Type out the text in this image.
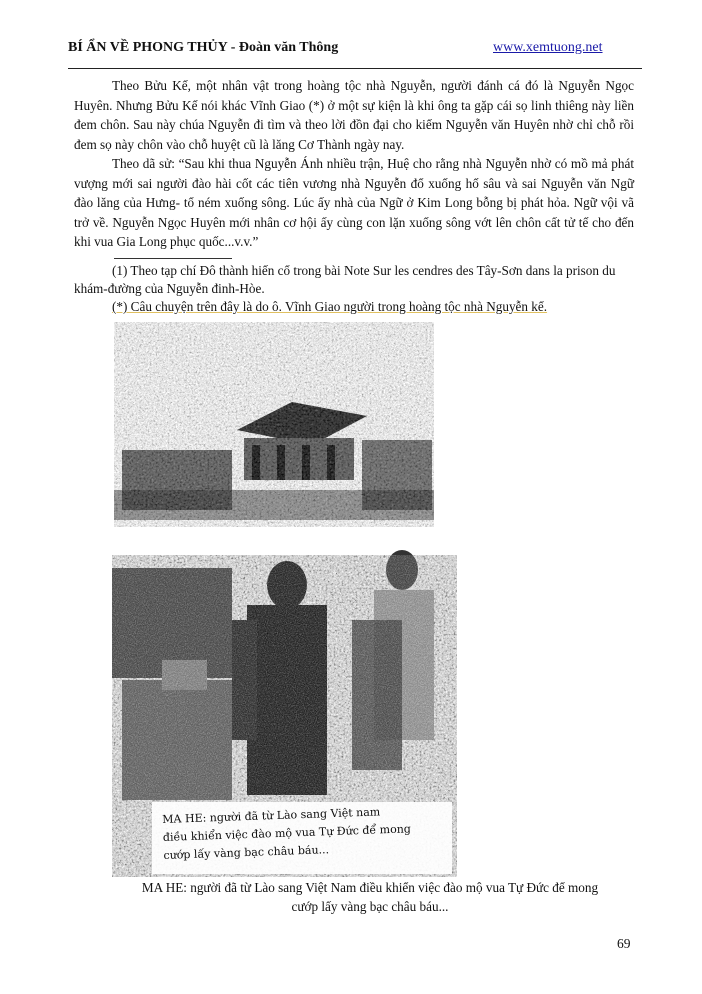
BÍ ẨN VỀ PHONG THỦY - Đoàn văn Thông	www.xemtuong.net

Theo Bửu Kế, một nhân vật trong hoàng tộc nhà Nguyễn, người đánh cá đó là Nguyễn Ngọc Huyên. Nhưng Bửu Kế nói khác Vĩnh Giao (*) ở một sự kiện là khi ông ta gặp cái sọ linh thiêng này liền đem chôn. Sau này chúa Nguyễn đi tìm và theo lời đồn đại cho kiếm Nguyễn văn Huyên nhờ chỉ chỗ rồi đem sọ này chôn vào chỗ huyệt cũ là lăng Cơ Thành ngày nay.

Theo dã sử: “Sau khi thua Nguyễn Ánh nhiều trận, Huệ cho rằng nhà Nguyễn nhờ có mồ mả phát vượng mới sai người đào hài cốt các tiên vương nhà Nguyễn đổ xuống hố sâu và sai Nguyễn văn Ngữ đào lăng của Hưng- tổ ném xuống sông. Lúc ấy nhà của Ngữ ở Kim Long bỗng bị phát hỏa. Ngữ vội vã trở về. Nguyễn Ngọc Huyên mới nhân cơ hội ấy cùng con lặn xuống sông vớt lên chôn cất tử tế cho đến khi vua Gia Long phục quốc...v.v.”

(1) Theo tạp chí Đô thành hiến cổ trong bài Note Sur les cendres des Tây-Sơn dans la prison du khám-đường của Nguyễn đinh-Hòe.

(*) Câu chuyện trên đây là do ô. Vĩnh Giao người trong hoàng tộc nhà Nguyễn kể.

MA HE: người đã từ Lào sang Việt nam
điều khiển việc đào mộ vua Tự Đức để mong
cướp lấy vàng bạc châu báu...
MA HE: người đã từ Lào sang Việt Nam điều khiển việc đào mộ vua Tự Đức để mong
cướp lấy vàng bạc châu báu...
69
